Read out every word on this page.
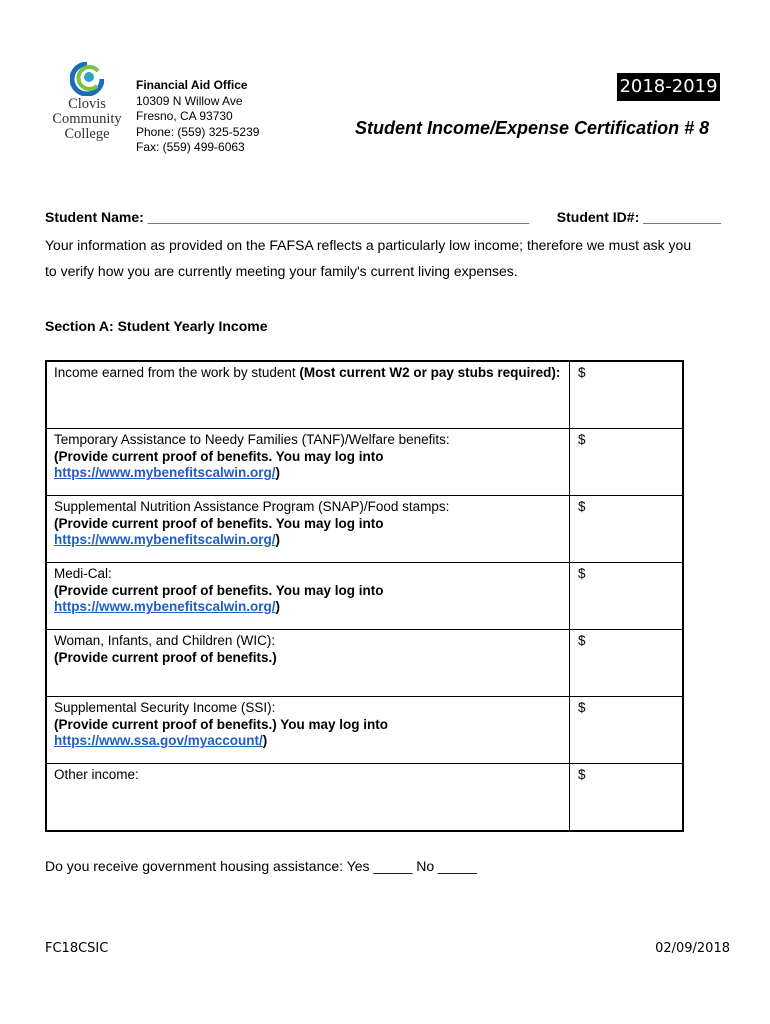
Clovis
Community
College
Financial Aid Office
10309 N Willow Ave
Fresno, CA 93730
Phone: (559) 325-5239
Fax: (559) 499-6063
2018-2019
Student Income/Expense Certification # 8
Student Name: _________________________________________________ Student ID#: __________
Your information as provided on the FAFSA reflects a particularly low income; therefore we must ask you
to verify how you are currently meeting your family's current living expenses.
Section A: Student Yearly Income
Income earned from the work by student (Most current W2 or pay stubs required):	$

Temporary Assistance to Needy Families (TANF)/Welfare benefits:
(Provide current proof of benefits. You may log into
https://www.mybenefitscalwin.org/)	$

Supplemental Nutrition Assistance Program (SNAP)/Food stamps:
(Provide current proof of benefits. You may log into
https://www.mybenefitscalwin.org/)	$

Medi-Cal:
(Provide current proof of benefits. You may log into
https://www.mybenefitscalwin.org/)	$

Woman, Infants, and Children (WIC):
(Provide current proof of benefits.)	$

Supplemental Security Income (SSI):
(Provide current proof of benefits.) You may log into
https://www.ssa.gov/myaccount/)	$

Other income:	$
Do you receive government housing assistance: Yes _____ No _____
FC18CSIC	02/09/2018
